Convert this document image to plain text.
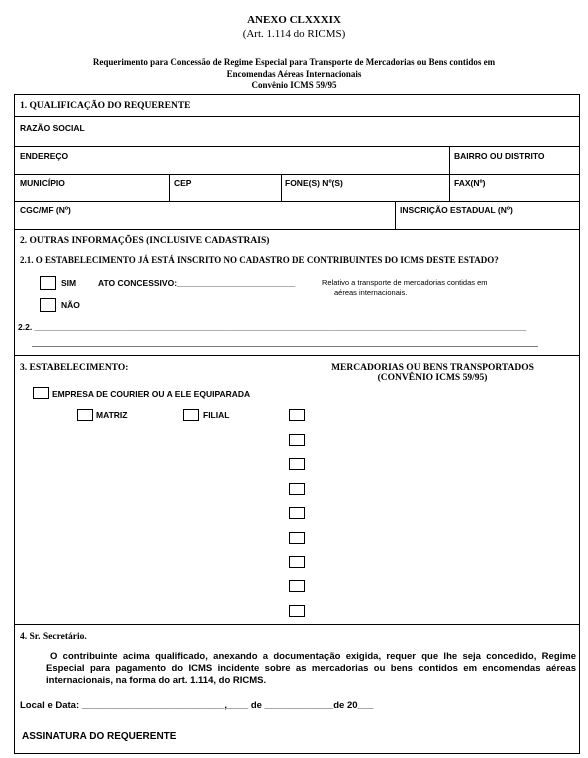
ANEXO CLXXXIX
(Art. 1.114 do RICMS)
Requerimento para Concessão de Regime Especial para Transporte de Mercadorias ou Bens contidos em
Encomendas Aéreas Internacionais
Convênio ICMS 59/95
1. QUALIFICAÇÃO DO REQUERENTE
RAZÃO SOCIAL
ENDEREÇO	BAIRRO OU DISTRITO
MUNICÍPIO	CEP	FONE(S) Nº(S)	FAX(Nº)
CGC/MF (Nº)	INSCRIÇÃO ESTADUAL (Nº)
2. OUTRAS INFORMAÇÕES (INCLUSIVE CADASTRAIS)
2.1. O ESTABELECIMENTO JÁ ESTÁ INSCRITO NO CADASTRO DE CONTRIBUINTES DO ICMS DESTE ESTADO?
SIM	ATO CONCESSIVO:_________________________	Relativo a transporte de mercadorias contidas em
aéreas internacionais.
NÃO
2.2. ________________________________________________________________________________________________________
___________________________________________________________________________________________________________
3. ESTABELECIMENTO:	MERCADORIAS OU BENS TRANSPORTADOS
(CONVÊNIO ICMS 59/95)
EMPRESA DE COURIER OU A ELE EQUIPARADA
MATRIZ	FILIAL
4. Sr. Secretário.
O contribuinte acima qualificado, anexando a documentação exigida, requer que lhe seja concedido, Regime Especial para pagamento do ICMS incidente sobre as mercadorias ou bens contidos em encomendas aéreas internacionais, na forma do art. 1.114, do RICMS.
Local e Data: ___________________________,____ de _____________de 20___
ASSINATURA DO REQUERENTE
